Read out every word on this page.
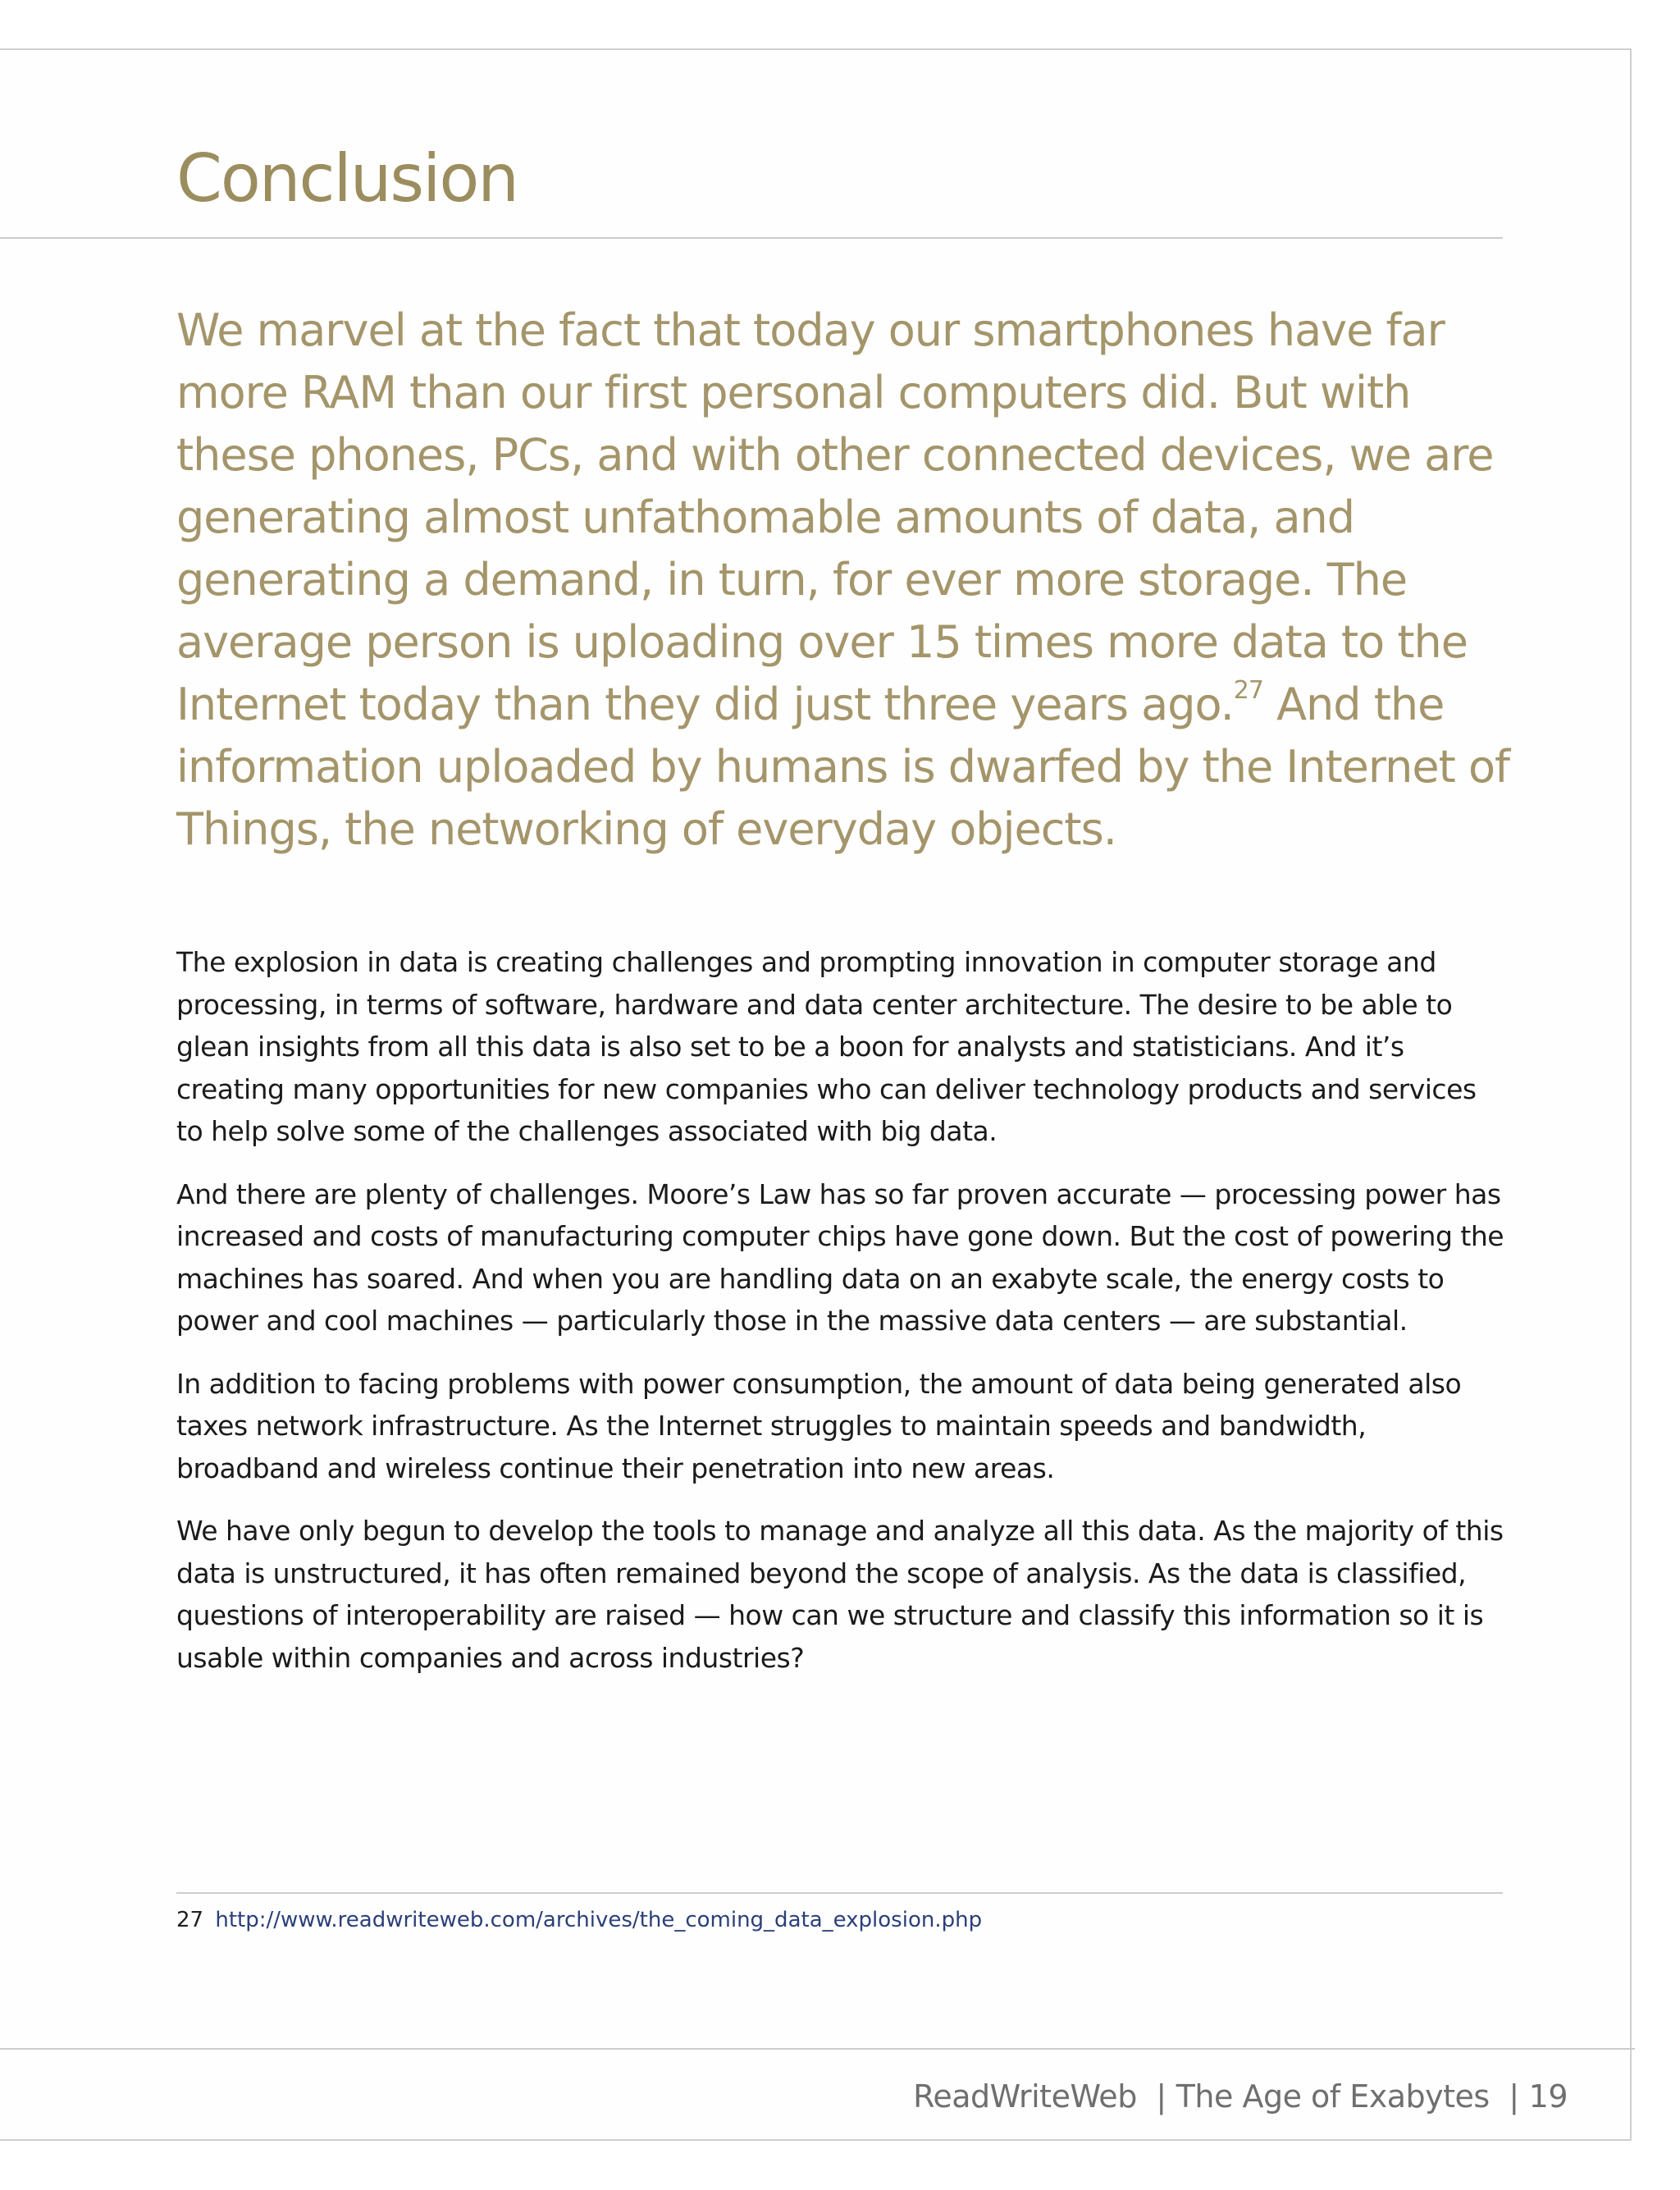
Conclusion

We marvel at the fact that today our smartphones have far more RAM than our first personal computers did. But with these phones, PCs, and with other connected devices, we are generating almost unfathomable amounts of data, and generating a demand, in turn, for ever more storage. The average person is uploading over 15 times more data to the Internet today than they did just three years ago.$^{27}$ And the information uploaded by humans is dwarfed by the Internet of Things, the networking of everyday objects.

The explosion in data is creating challenges and prompting innovation in computer storage and processing, in terms of software, hardware and data center architecture. The desire to be able to glean insights from all this data is also set to be a boon for analysts and statisticians. And it’s creating many opportunities for new companies who can deliver technology products and services to help solve some of the challenges associated with big data.

And there are plenty of challenges. Moore’s Law has so far proven accurate — processing power has increased and costs of manufacturing computer chips have gone down. But the cost of powering the machines has soared. And when you are handling data on an exabyte scale, the energy costs to power and cool machines — particularly those in the massive data centers — are substantial.

In addition to facing problems with power consumption, the amount of data being generated also taxes network infrastructure. As the Internet struggles to maintain speeds and bandwidth, broadband and wireless continue their penetration into new areas.

We have only begun to develop the tools to manage and analyze all this data. As the majority of this data is unstructured, it has often remained beyond the scope of analysis. As the data is classified, questions of interoperability are raised — how can we structure and classify this information so it is usable within companies and across industries?

27 http://www.readwriteweb.com/archives/the_coming_data_explosion.php
ReadWriteWeb | The Age of Exabytes | 19
